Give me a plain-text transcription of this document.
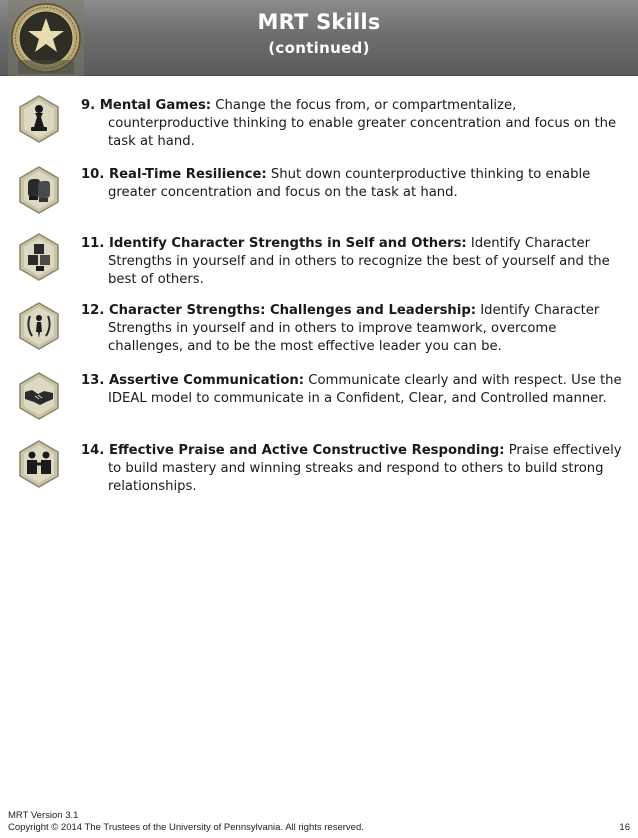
MRT Skills
(continued)
9. Mental Games: Change the focus from, or compartmentalize, counterproductive thinking to enable greater concentration and focus on the task at hand.
10. Real-Time Resilience: Shut down counterproductive thinking to enable greater concentration and focus on the task at hand.
11. Identify Character Strengths in Self and Others: Identify Character Strengths in yourself and in others to recognize the best of yourself and the best of others.
12. Character Strengths: Challenges and Leadership: Identify Character Strengths in yourself and in others to improve teamwork, overcome challenges, and to be the most effective leader you can be.
13. Assertive Communication: Communicate clearly and with respect. Use the IDEAL model to communicate in a Confident, Clear, and Controlled manner.
14. Effective Praise and Active Constructive Responding: Praise effectively to build mastery and winning streaks and respond to others to build strong relationships.
MRT Version 3.1
Copyright © 2014 The Trustees of the University of Pennsylvania. All rights reserved.	16
